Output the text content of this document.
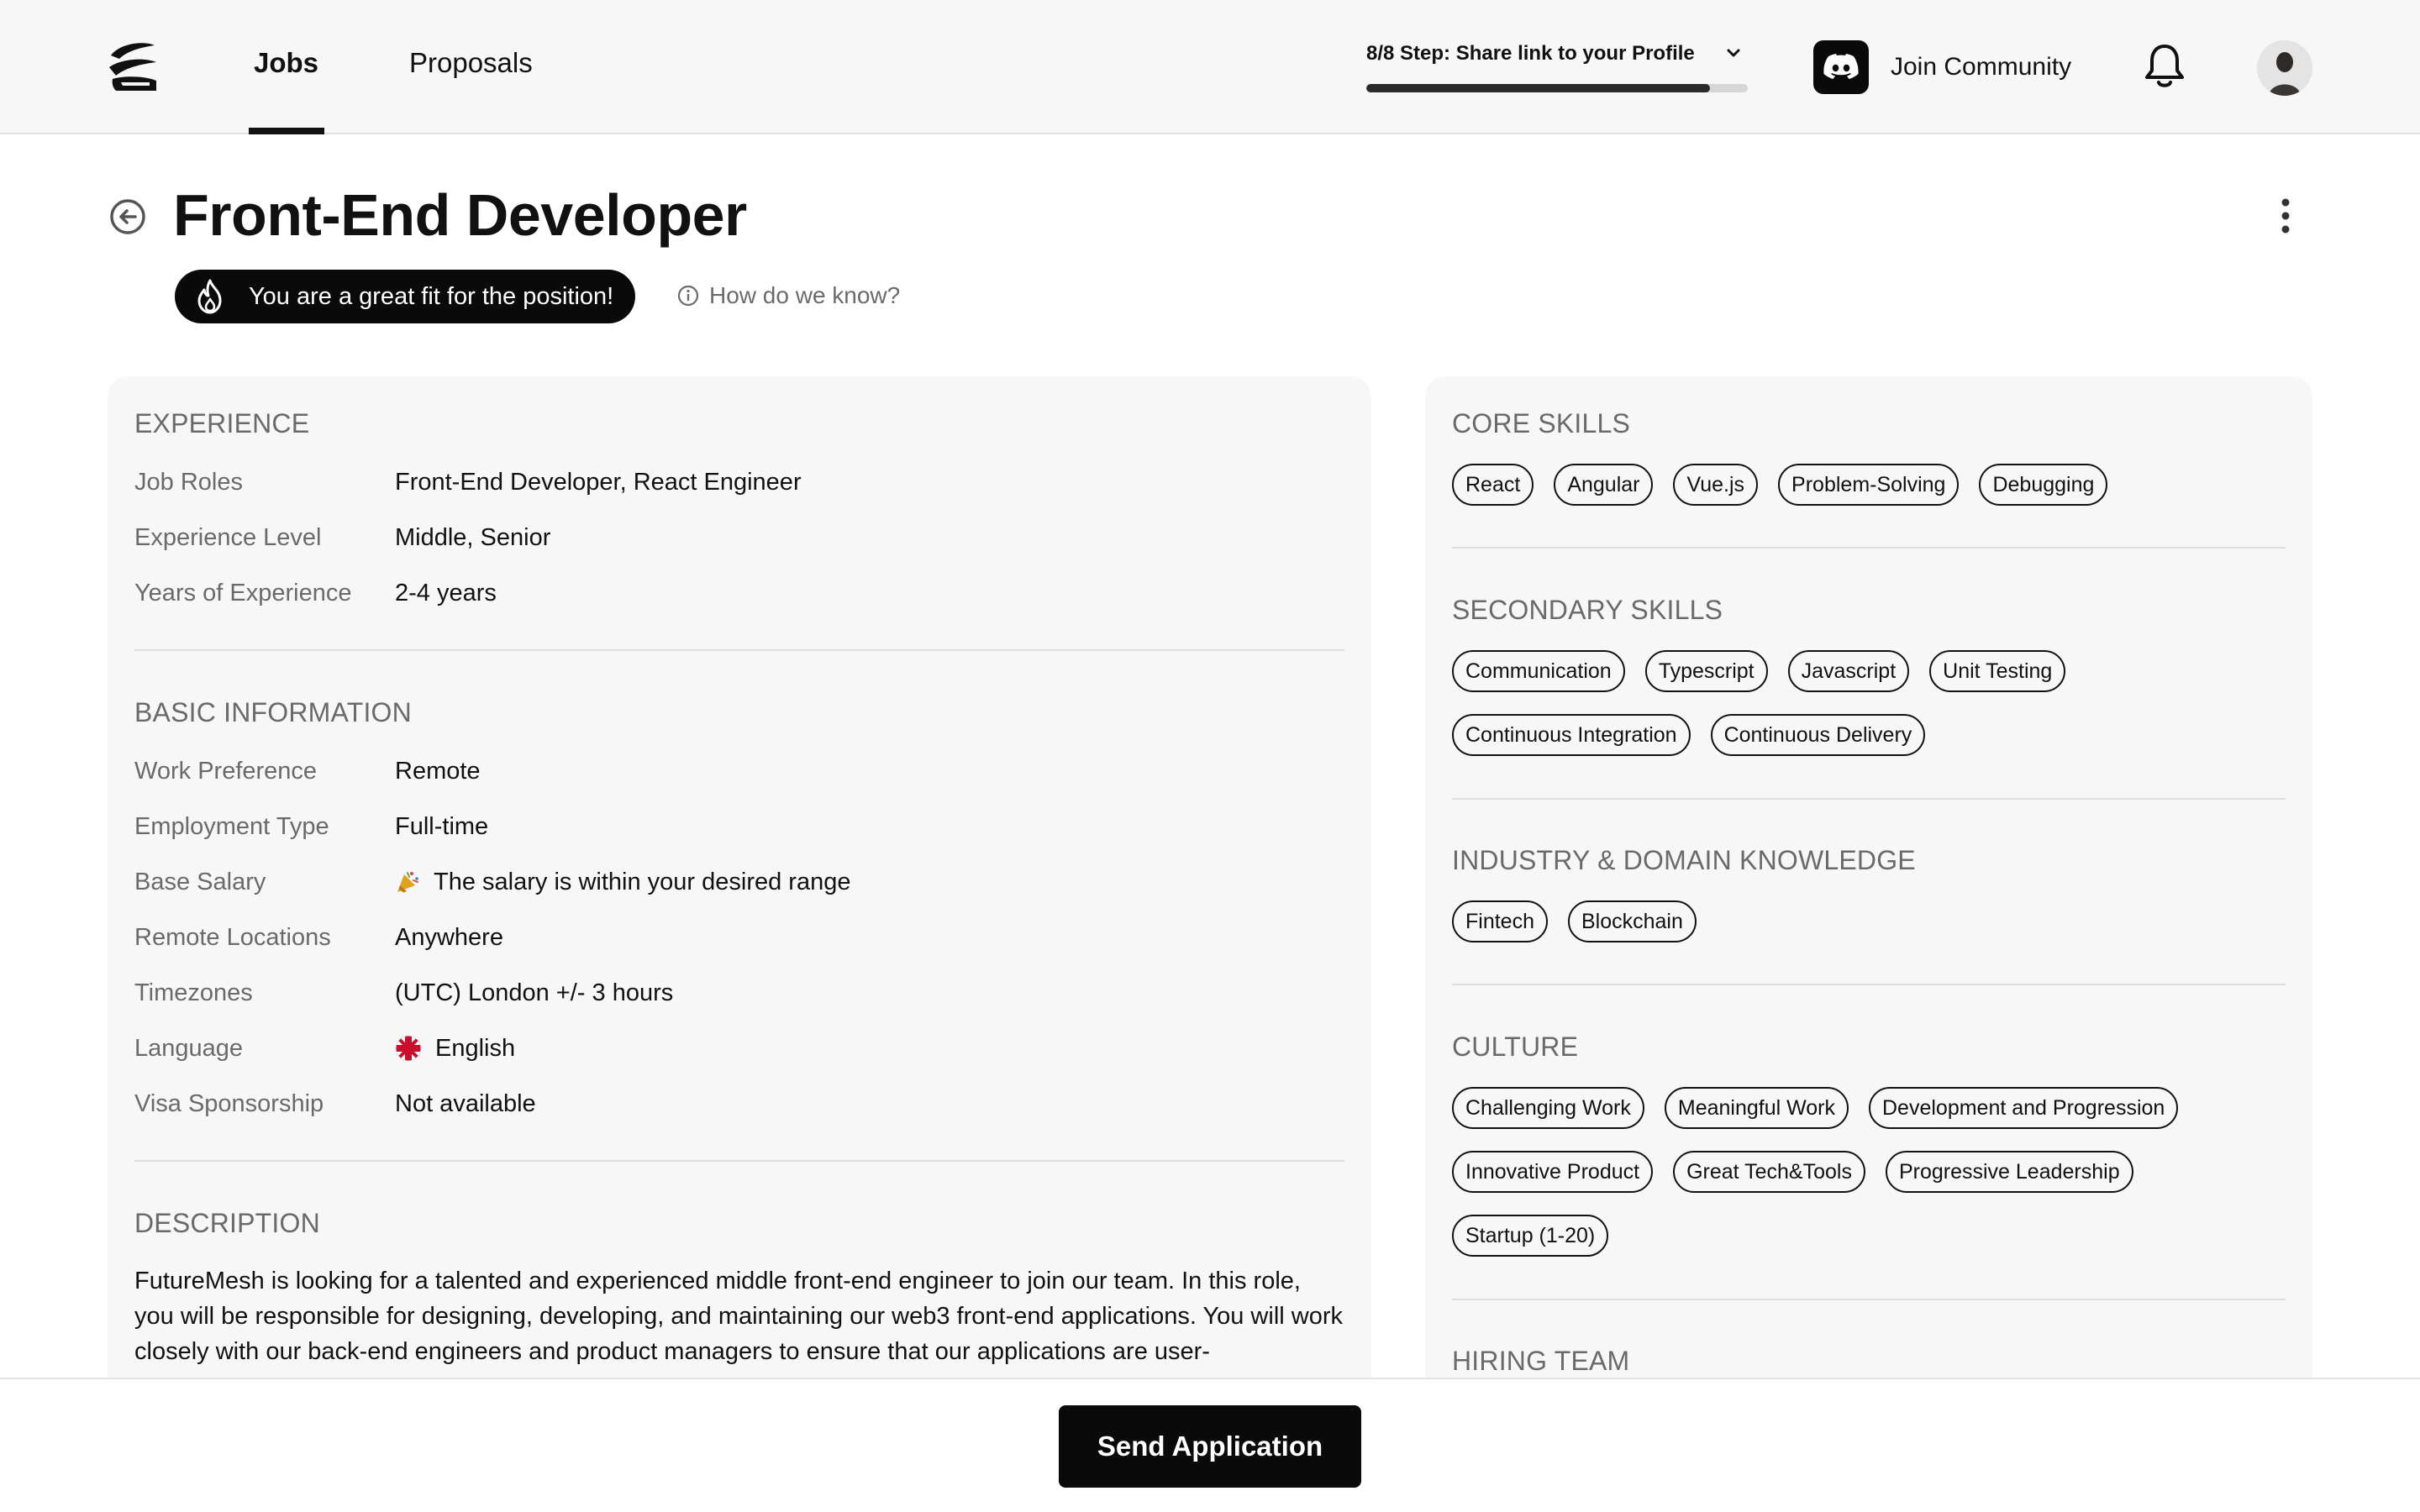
Jobs	Proposals	8/8 Step: Share link to your Profile	Join Community
Front-End Developer
You are a great fit for the position!	How do we know?
EXPERIENCE
Job Roles	Front-End Developer, React Engineer
Experience Level	Middle, Senior
Years of Experience	2-4 years
BASIC INFORMATION
Work Preference	Remote
Employment Type	Full-time
Base Salary	The salary is within your desired range
Remote Locations	Anywhere
Timezones	(UTC) London +/- 3 hours
Language	English
Visa Sponsorship	Not available
DESCRIPTION
FutureMesh is looking for a talented and experienced middle front-end engineer to join our team. In this role, you will be responsible for designing, developing, and maintaining our web3 front-end applications. You will work closely with our back-end engineers and product managers to ensure that our applications are user-
CORE SKILLS
React	Angular	Vue.js	Problem-Solving	Debugging
SECONDARY SKILLS
Communication	Typescript	Javascript	Unit Testing
Continuous Integration	Continuous Delivery
INDUSTRY & DOMAIN KNOWLEDGE
Fintech	Blockchain
CULTURE
Challenging Work	Meaningful Work	Development and Progression
Innovative Product	Great Tech&Tools	Progressive Leadership
Startup (1-20)
HIRING TEAM
Send Application
